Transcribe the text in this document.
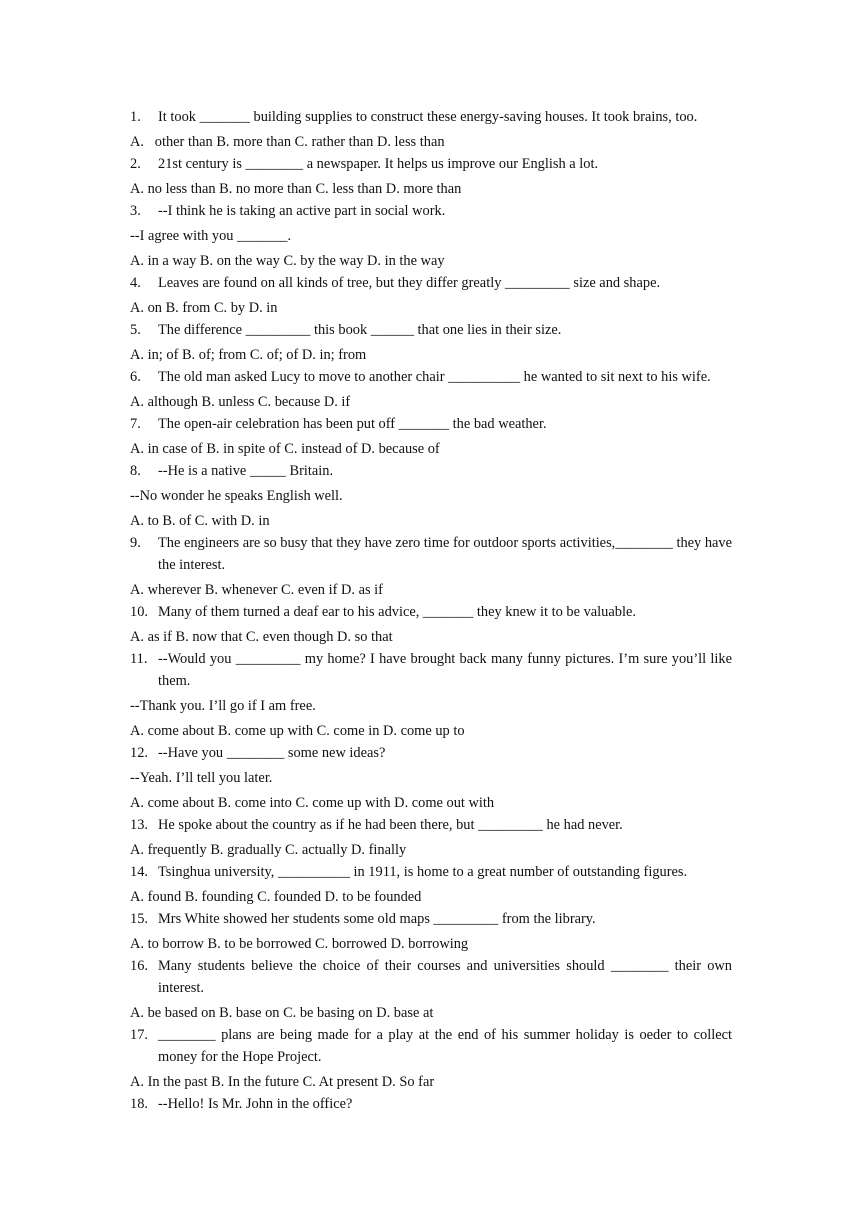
1.	It took _______ building supplies to construct these energy-saving houses. It took brains, too.
A.   other than B. more than C. rather than D. less than
2.	21st century is ________ a newspaper. It helps us improve our English a lot.
A. no less than B. no more than C. less than D. more than
3.	--I think he is taking an active part in social work.
--I agree with you _______.
A. in a way B. on the way C. by the way D. in the way
4.	Leaves are found on all kinds of tree, but they differ greatly _________ size and shape.
A. on B. from C. by D. in
5.	The difference _________ this book ______ that one lies in their size.
A. in; of B. of; from C. of; of D. in; from
6.	The old man asked Lucy to move to another chair __________ he wanted to sit next to his wife.
A. although B. unless C. because D. if
7.	The open-air celebration has been put off _______ the bad weather.
A. in case of B. in spite of C. instead of D. because of
8.	--He is a native _____ Britain.
--No wonder he speaks English well.
A. to B. of C. with D. in
9.	The engineers are so busy that they have zero time for outdoor sports activities,________ they have the interest.
A. wherever B. whenever C. even if D. as if
10. Many of them turned a deaf ear to his advice, _______ they knew it to be valuable.
A. as if B. now that C. even though D. so that
11. --Would you _________ my home? I have brought back many funny pictures. I’m sure you’ll like them.
--Thank you. I’ll go if I am free.
A. come about B. come up with C. come in D. come up to
12. --Have you ________ some new ideas?
--Yeah. I’ll tell you later.
A. come about B. come into C. come up with D. come out with
13. He spoke about the country as if he had been there, but _________ he had never.
A. frequently B. gradually C. actually D. finally
14. Tsinghua university, __________ in 1911, is home to a great number of outstanding figures.
A. found B. founding C. founded D. to be founded
15. Mrs White showed her students some old maps _________ from the library.
A. to borrow B. to be borrowed C. borrowed D. borrowing
16. Many students believe the choice of their courses and universities should ________ their own interest.
A. be based on B. base on C. be basing on D. base at
17. ________ plans are being made for a play at the end of his summer holiday is oeder to collect money for the Hope Project.
A. In the past B. In the future C. At present D. So far
18. --Hello! Is Mr. John in the office?
